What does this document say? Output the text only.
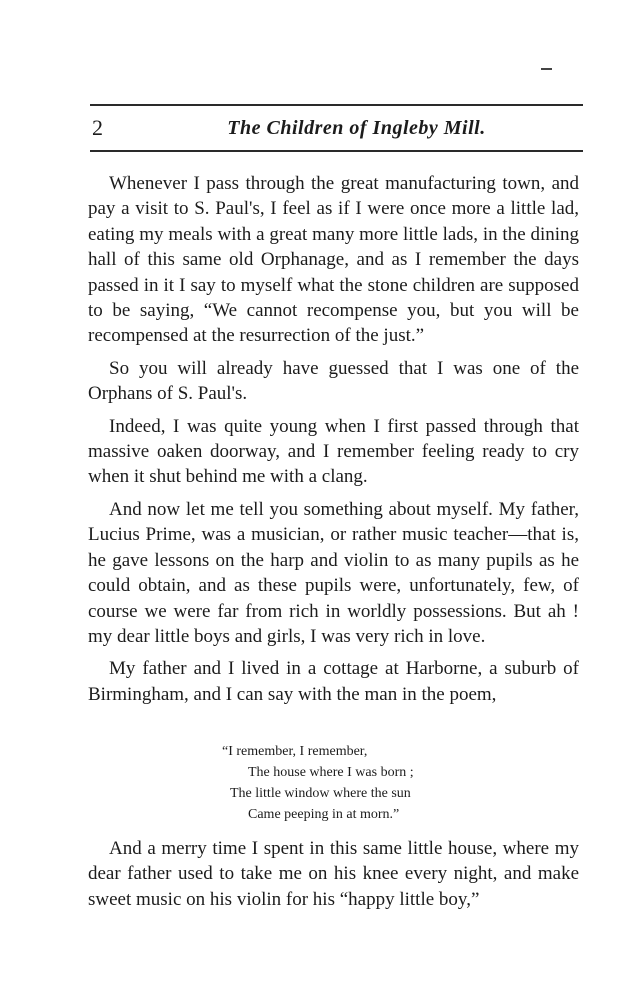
2	The Children of Ingleby Mill.

Whenever I pass through the great manufacturing town, and pay a visit to S. Paul's, I feel as if I were once more a little lad, eating my meals with a great many more little lads, in the dining hall of this same old Orphanage, and as I remember the days passed in it I say to myself what the stone children are supposed to be saying, “We cannot recompense you, but you will be recompensed at the resurrection of the just.”

So you will already have guessed that I was one of the Orphans of S. Paul's.

Indeed, I was quite young when I first passed through that massive oaken doorway, and I remember feeling ready to cry when it shut behind me with a clang.

And now let me tell you something about myself. My father, Lucius Prime, was a musician, or rather music teacher—that is, he gave lessons on the harp and violin to as many pupils as he could obtain, and as these pupils were, unfortunately, few, of course we were far from rich in worldly possessions. But ah ! my dear little boys and girls, I was very rich in love.

My father and I lived in a cottage at Harborne, a suburb of Birmingham, and I can say with the man in the poem,

“I remember, I remember,
The house where I was born ;
The little window where the sun
Came peeping in at morn.”

And a merry time I spent in this same little house, where my dear father used to take me on his knee every night, and make sweet music on his violin for his “happy little boy,”
